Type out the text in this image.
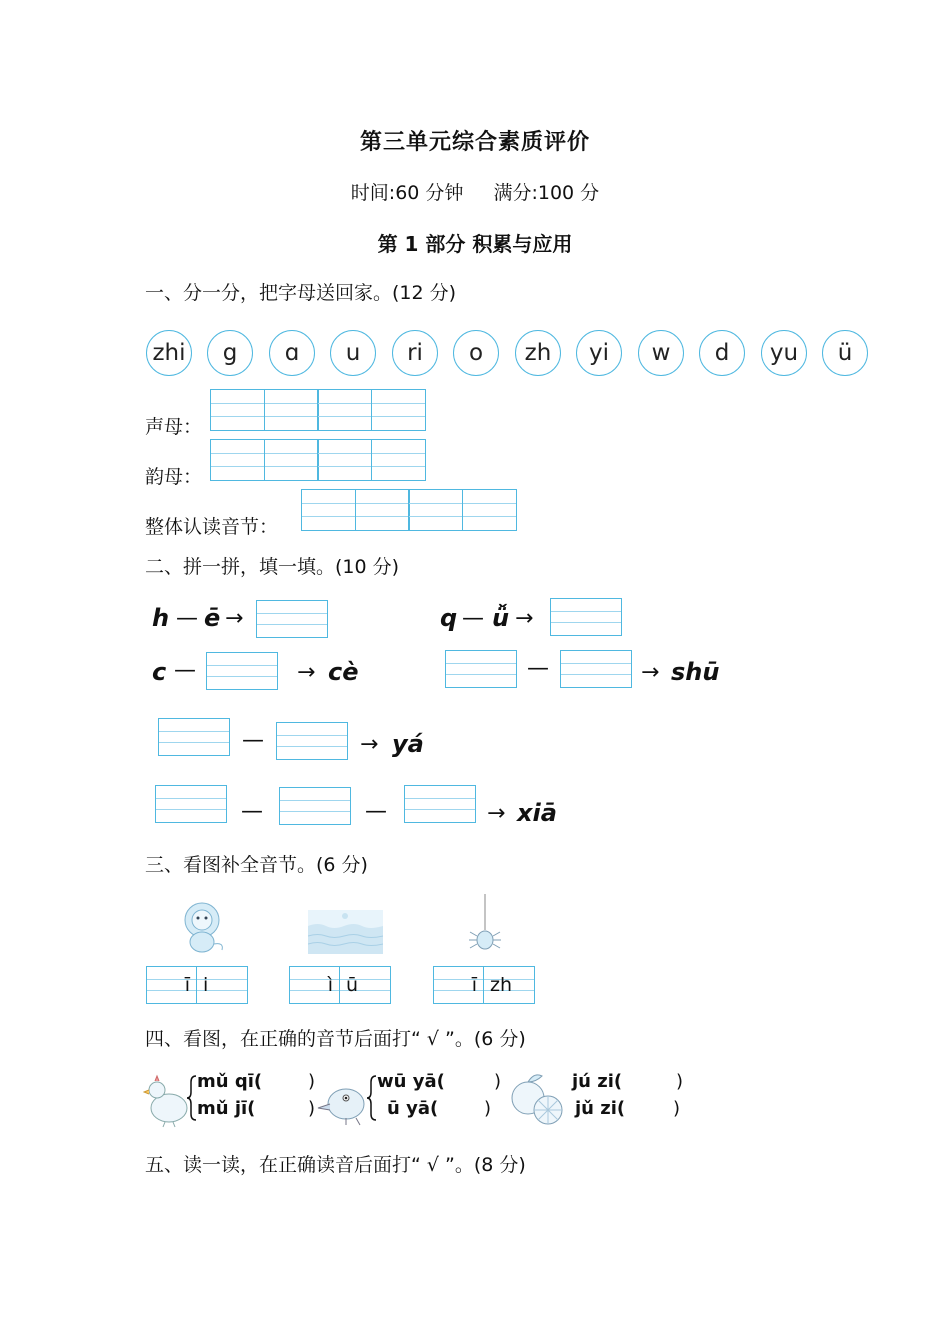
第三单元综合素质评价
时间:60 分钟 满分:100 分
第 1 部分 积累与应用
一、分一分，把字母送回家。(12 分)
zhi	g	ɑ	u	ri	o	zh	yi	w	d	yu	ü
声母：
韵母：
整体认读音节：
二、拼一拼，填一填。(10 分)
h — ē →	q — ǚ →
c —	→ cè	—	→ shū
—	→ yá
—	—	→ xiā
三、看图补全音节。(6 分)
ī i	ì ū	ī zh
四、看图，在正确的音节后面打“ √ ”。(6 分)
mǔ qī(	)
mǔ jī(	)
wū yā(	)
ū yā(	)
jú zi(	)
jǔ zi(	)
五、读一读，在正确读音后面打“ √ ”。(8 分)
